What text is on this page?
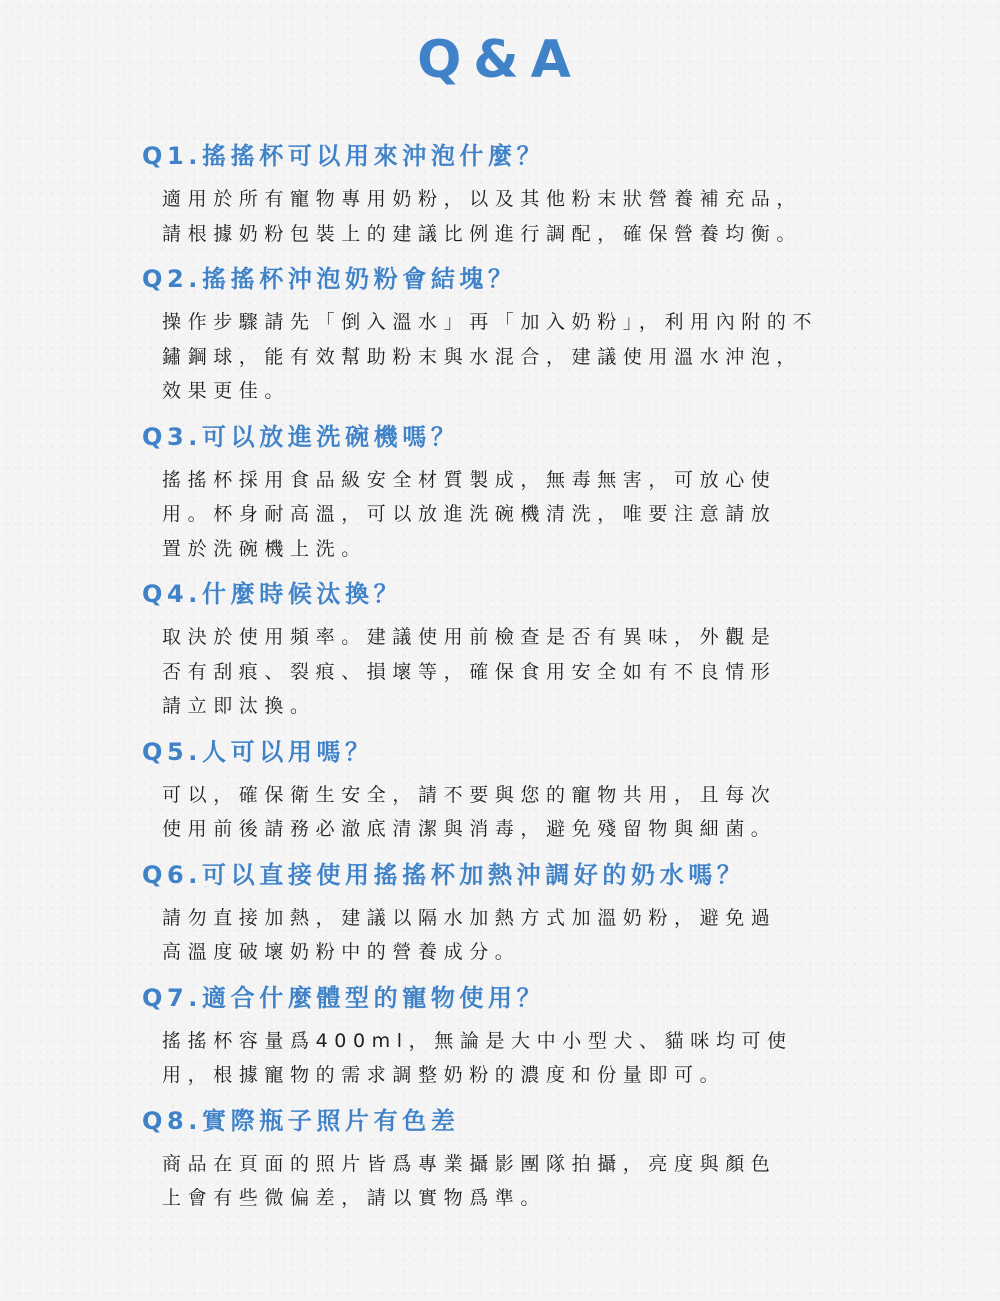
Q&A
Q1.搖搖杯可以用來沖泡什麼？
適用於所有寵物專用奶粉，以及其他粉末狀營養補充品，
請根據奶粉包裝上的建議比例進行調配，確保營養均衡。
Q2.搖搖杯沖泡奶粉會結塊？
操作步驟請先「倒入溫水」再「加入奶粉」，利用內附的不
鏽鋼球，能有效幫助粉末與水混合，建議使用溫水沖泡，
效果更佳。
Q3.可以放進洗碗機嗎？
搖搖杯採用食品級安全材質製成，無毒無害，可放心使
用。杯身耐高溫，可以放進洗碗機清洗，唯要注意請放
置於洗碗機上洗。
Q4.什麼時候汰換？
取決於使用頻率。建議使用前檢查是否有異味，外觀是
否有刮痕、裂痕、損壞等，確保食用安全如有不良情形
請立即汰換。
Q5.人可以用嗎？
可以，確保衛生安全，請不要與您的寵物共用，且每次
使用前後請務必澈底清潔與消毒，避免殘留物與細菌。
Q6.可以直接使用搖搖杯加熱沖調好的奶水嗎？
請勿直接加熱，建議以隔水加熱方式加溫奶粉，避免過
高溫度破壞奶粉中的營養成分。
Q7.適合什麼體型的寵物使用？
搖搖杯容量爲400ml，無論是大中小型犬、貓咪均可使
用，根據寵物的需求調整奶粉的濃度和份量即可。
Q8.實際瓶子照片有色差
商品在頁面的照片皆爲專業攝影團隊拍攝，亮度與顏色
上會有些微偏差，請以實物爲準。
